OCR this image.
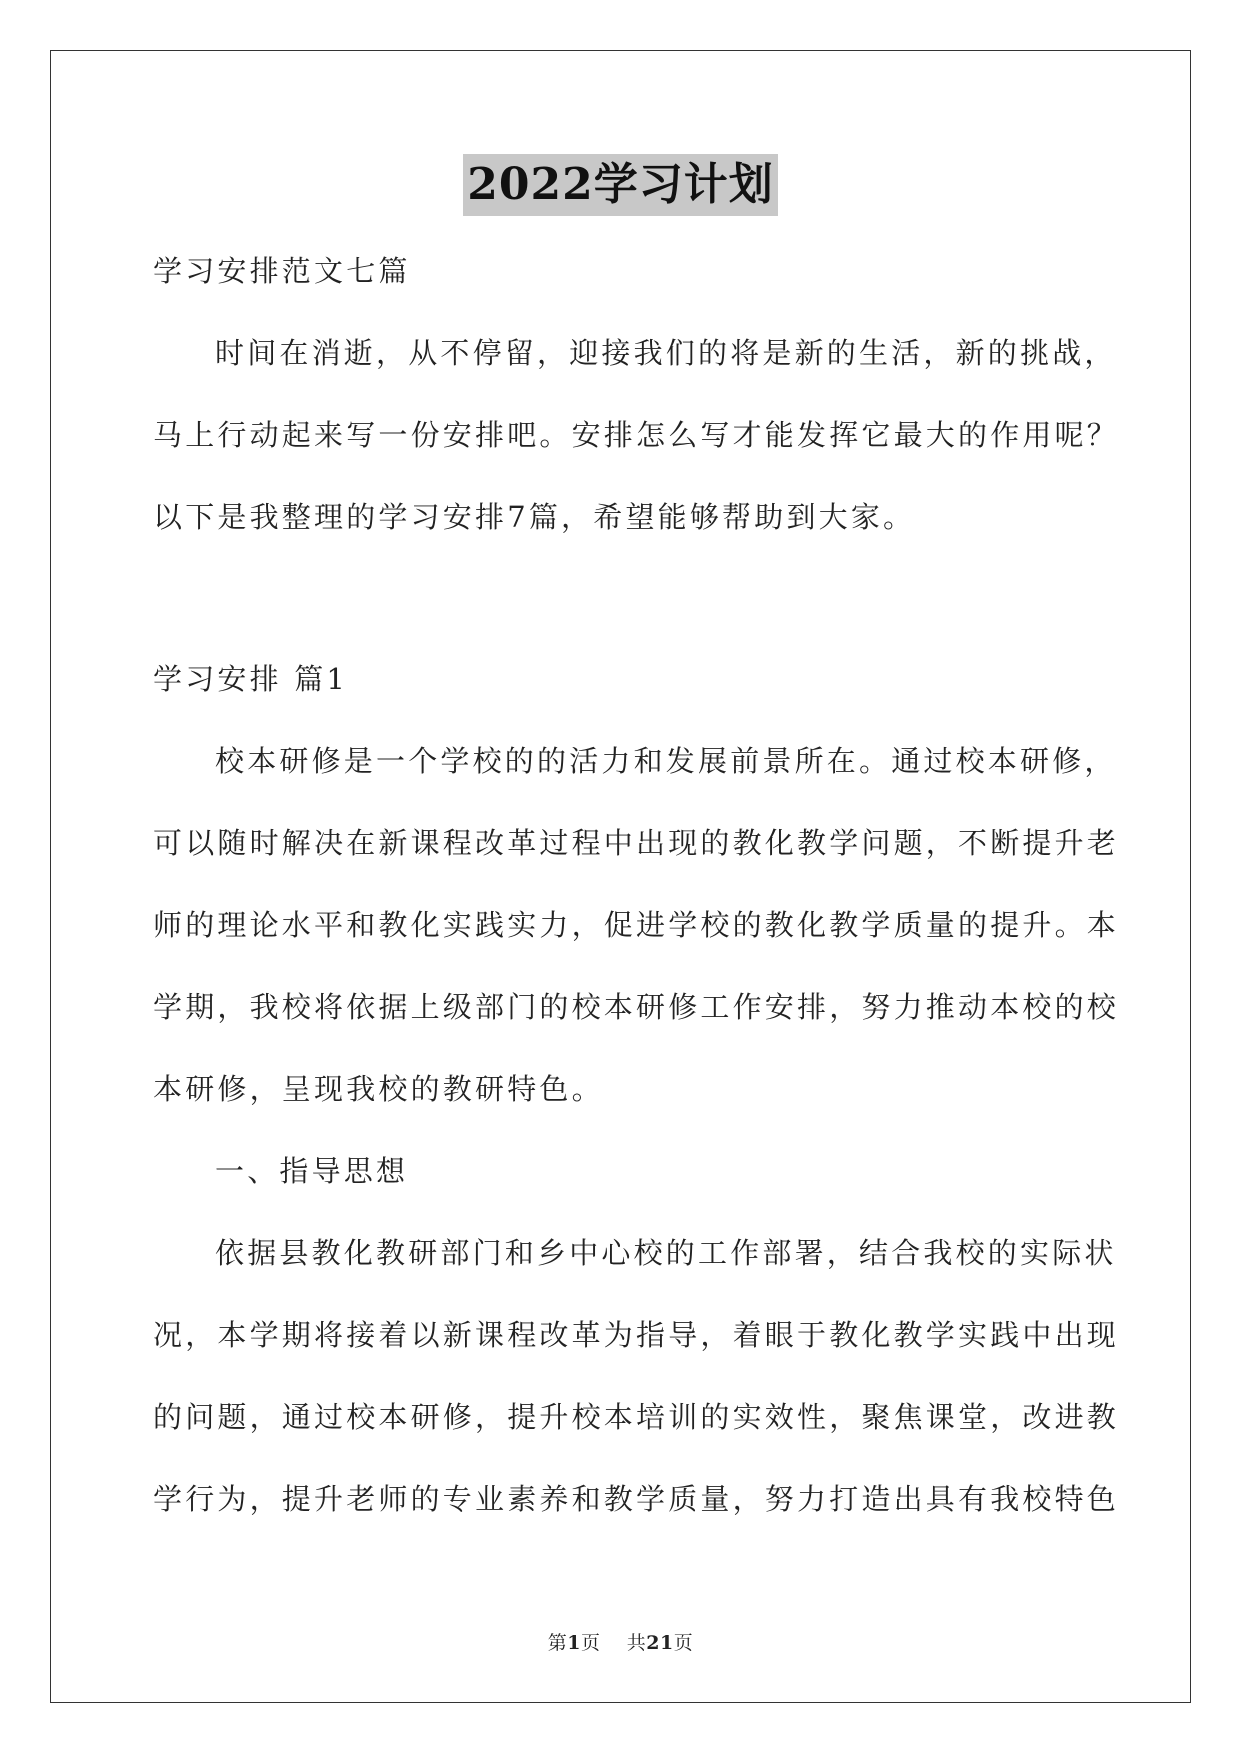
2022学习计划
学习安排范文七篇
时间在消逝，从不停留，迎接我们的将是新的生活，新的挑战，
马上行动起来写一份安排吧。安排怎么写才能发挥它最大的作用呢？
以下是我整理的学习安排7篇，希望能够帮助到大家。
学习安排 篇1
校本研修是一个学校的的活力和发展前景所在。通过校本研修，
可以随时解决在新课程改革过程中出现的教化教学问题，不断提升老
师的理论水平和教化实践实力，促进学校的教化教学质量的提升。本
学期，我校将依据上级部门的校本研修工作安排，努力推动本校的校
本研修，呈现我校的教研特色。
一、指导思想
依据县教化教研部门和乡中心校的工作部署，结合我校的实际状
况，本学期将接着以新课程改革为指导，着眼于教化教学实践中出现
的问题，通过校本研修，提升校本培训的实效性，聚焦课堂，改进教
学行为，提升老师的专业素养和教学质量，努力打造出具有我校特色
第1页 共21页
